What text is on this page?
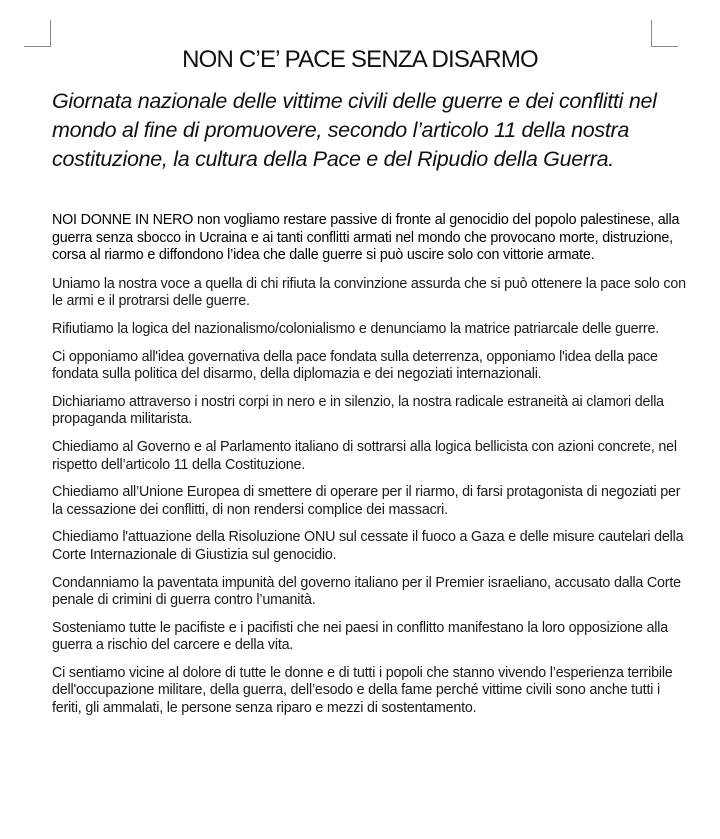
NON C’E’ PACE SENZA DISARMO
Giornata nazionale delle vittime civili delle guerre e dei conflitti nel mondo al fine di promuovere, secondo l’articolo 11 della nostra costituzione, la cultura della Pace e del Ripudio della Guerra.

NOI DONNE IN NERO non vogliamo restare passive di fronte al genocidio del popolo palestinese, alla guerra senza sbocco in Ucraina e ai tanti conflitti armati nel mondo che provocano morte, distruzione, corsa al riarmo e diffondono l’idea che dalle guerre si può uscire solo con vittorie armate.

Uniamo la nostra voce a quella di chi rifiuta la convinzione assurda che si può ottenere la pace solo con le armi e il protrarsi delle guerre.

Rifiutiamo la logica del nazionalismo/colonialismo e denunciamo la matrice patriarcale delle guerre.

Ci opponiamo all'idea governativa della pace fondata sulla deterrenza, opponiamo l'idea della pace fondata sulla politica del disarmo, della diplomazia e dei negoziati internazionali.

Dichiariamo attraverso i nostri corpi in nero e in silenzio, la nostra radicale estraneità ai clamori della propaganda militarista.

Chiediamo al Governo e al Parlamento italiano di sottrarsi alla logica bellicista con azioni concrete, nel rispetto dell’articolo 11 della Costituzione.

Chiediamo all’Unione Europea di smettere di operare per il riarmo, di farsi protagonista di negoziati per la cessazione dei conflitti, di non rendersi complice dei massacri.

Chiediamo l'attuazione della Risoluzione ONU sul cessate il fuoco a Gaza e delle misure cautelari della Corte Internazionale di Giustizia sul genocidio.

Condanniamo la paventata impunità del governo italiano per il Premier israeliano, accusato dalla Corte penale di crimini di guerra contro l’umanità.

Sosteniamo tutte le pacifiste e i pacifisti che nei paesi in conflitto manifestano la loro opposizione alla guerra a rischio del carcere e della vita.

Ci sentiamo vicine al dolore di tutte le donne e di tutti i popoli che stanno vivendo l’esperienza terribile dell'occupazione militare, della guerra, dell’esodo e della fame perché vittime civili sono anche tutti i feriti, gli ammalati, le persone senza riparo e mezzi di sostentamento.
